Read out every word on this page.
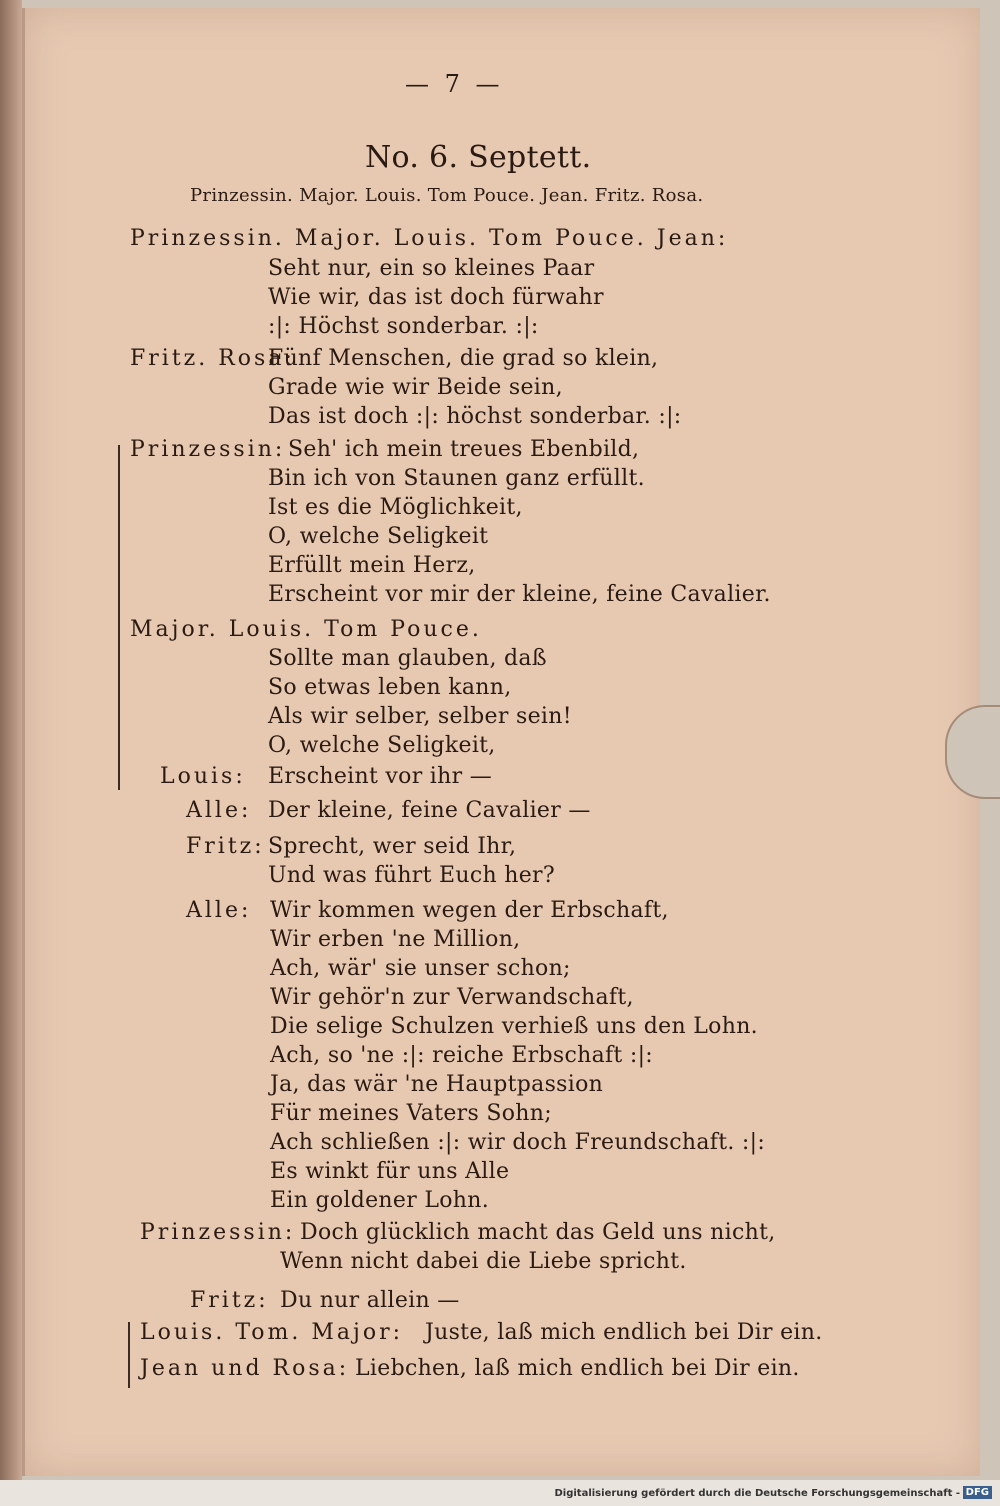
— 7 —
No. 6. Septett.
Prinzessin. Major. Louis. Tom Pouce. Jean. Fritz. Rosa.
Prinzessin. Major. Louis. Tom Pouce. Jean:
Seht nur, ein so kleines Paar
Wie wir, das ist doch fürwahr
:|: Höchst sonderbar. :|:
Fritz. Rosa:
Fünf Menschen, die grad so klein,
Grade wie wir Beide sein,
Das ist doch :|: höchst sonderbar. :|:
Prinzessin: Seh' ich mein treues Ebenbild,
Bin ich von Staunen ganz erfüllt.
Ist es die Möglichkeit,
O, welche Seligkeit
Erfüllt mein Herz,
Erscheint vor mir der kleine, feine Cavalier.
Major. Louis. Tom Pouce.
Sollte man glauben, daß
So etwas leben kann,
Als wir selber, selber sein!
O, welche Seligkeit,
Louis: Erscheint vor ihr —
Alle: Der kleine, feine Cavalier —
Fritz: Sprecht, wer seid Ihr,
Und was führt Euch her?
Alle: Wir kommen wegen der Erbschaft,
Wir erben 'ne Million,
Ach, wär' sie unser schon;
Wir gehör'n zur Verwandschaft,
Die selige Schulzen verhieß uns den Lohn.
Ach, so 'ne :|: reiche Erbschaft :|:
Ja, das wär 'ne Hauptpassion
Für meines Vaters Sohn;
Ach schließen :|: wir doch Freundschaft. :|:
Es winkt für uns Alle
Ein goldener Lohn.
Prinzessin: Doch glücklich macht das Geld uns nicht,
Wenn nicht dabei die Liebe spricht.
Fritz: Du nur allein —
Louis. Tom. Major: Juste, laß mich endlich bei Dir ein.
Jean und Rosa: Liebchen, laß mich endlich bei Dir ein.
Digitalisierung gefördert durch die Deutsche Forschungsgemeinschaft - DFG
